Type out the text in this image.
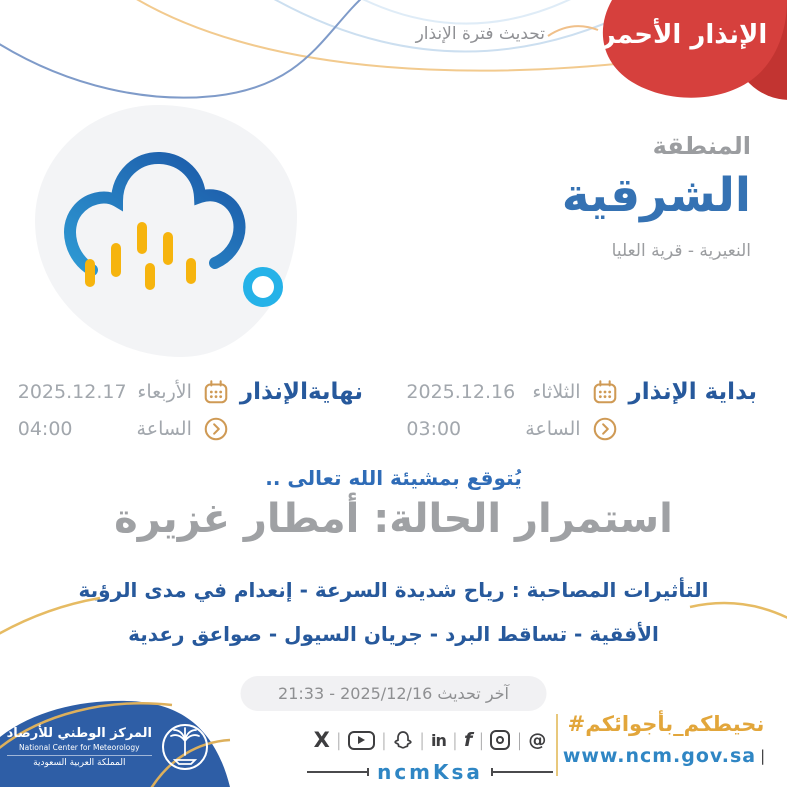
الإنذار الأحمر
تحديث فترة الإنذار
المنطقة
الشرقية
النعيرية - قرية العليا
بداية الإنذار
الثلاثاء
2025.12.16
الساعة
03:00
نهايةالإنذار
الأربعاء
2025.12.17
الساعة
04:00
يُتوقع بمشيئة الله تعالى ..
استمرار الحالة: أمطار غزيرة
التأثيرات المصاحبة : رياح شديدة السرعة - إنعدام في مدى الرؤية
الأفقية - تساقط البرد - جريان السيول - صواعق رعدية
آخر تحديث 2025/12/16 - 21:33
المركز الوطني للأرصاد
National Center for Meteorology
المملكة العربية السعودية
X | | | in | f | | @
ncmKsa
#نحيطكم_بأجوائكم
www.ncm.gov.sa |
